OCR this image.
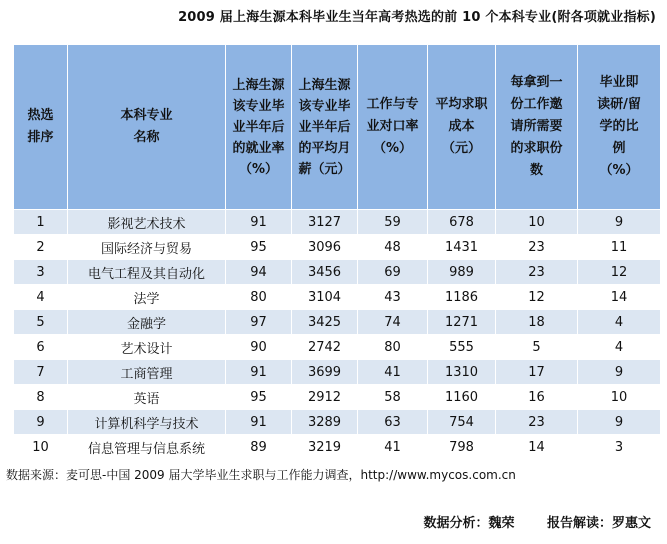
2009 届上海生源本科毕业生当年高考热选的前 10 个本科专业(附各项就业指标)
热选排序	本科专业名称	上海生源该专业毕业半年后的就业率（%）	上海生源该专业毕业半年后的平均月薪（元）	工作与专业对口率（%）	平均求职成本（元）	每拿到一份工作邀请所需要的求职份数	毕业即读研/留学的比例（%）

1	影视艺术技术	91	3127	59	678	10	9
2	国际经济与贸易	95	3096	48	1431	23	11
3	电气工程及其自动化	94	3456	69	989	23	12
4	法学	80	3104	43	1186	12	14
5	金融学	97	3425	74	1271	18	4
6	艺术设计	90	2742	80	555	5	4
7	工商管理	91	3699	41	1310	17	9
8	英语	95	2912	58	1160	16	10
9	计算机科学与技术	91	3289	63	754	23	9
10	信息管理与信息系统	89	3219	41	798	14	3
数据来源：麦可思-中国 2009 届大学毕业生求职与工作能力调查，http://www.mycos.com.cn
数据分析：魏荣	报告解读：罗惠文
